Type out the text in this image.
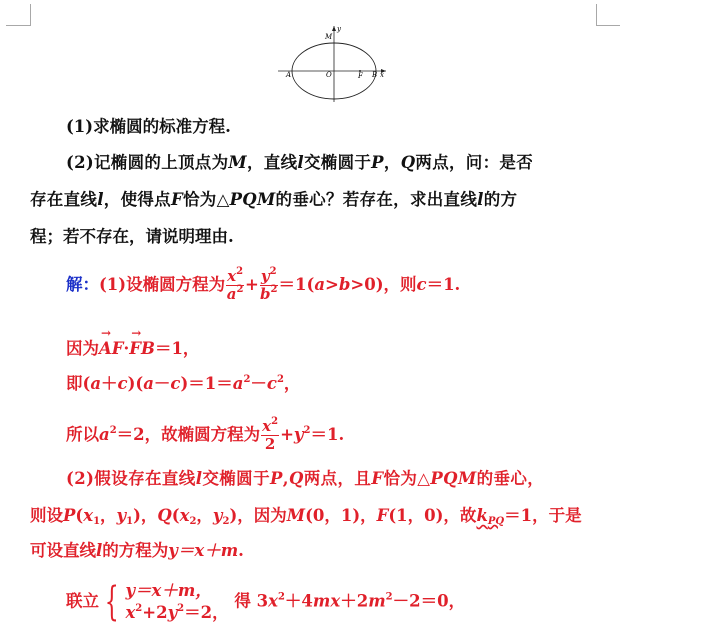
y
M
A	O	F B x
(1)求椭圆的标准方程.
(2)记椭圆的上顶点为M，直线l交椭圆于P，Q两点，问：是否
存在直线l，使得点F恰为△PQM的垂心？若存在，求出直线l的方
程；若不存在，请说明理由.
解：(1)设椭圆方程为 $\frac{x^2}{a^2} + \frac{y^2}{b^2} =1(a>b>0)$，则c＝1.
因为→ AF·→ FB＝1，
即$(a+c)(a-c)=1=a^2-c^2$，
所以$a^2=2$，故椭圆方程为 $\frac{x^2}{2} +y^2=1$.
(2)假设存在直线l交椭圆于P,Q两点，且F恰为△PQM的垂心，
则设$P(x_1$，$y_1$)，$Q(x_2$，$y_2$)，因为M(0，1)，F(1，0)，故$k_{PQ}=1$，于是
可设直线l的方程为y＝x＋m.
联立 { y＝x＋m，
$x^2+2y^2=2$，
得 $3x^2+4mx+2m^2-2=0$，
